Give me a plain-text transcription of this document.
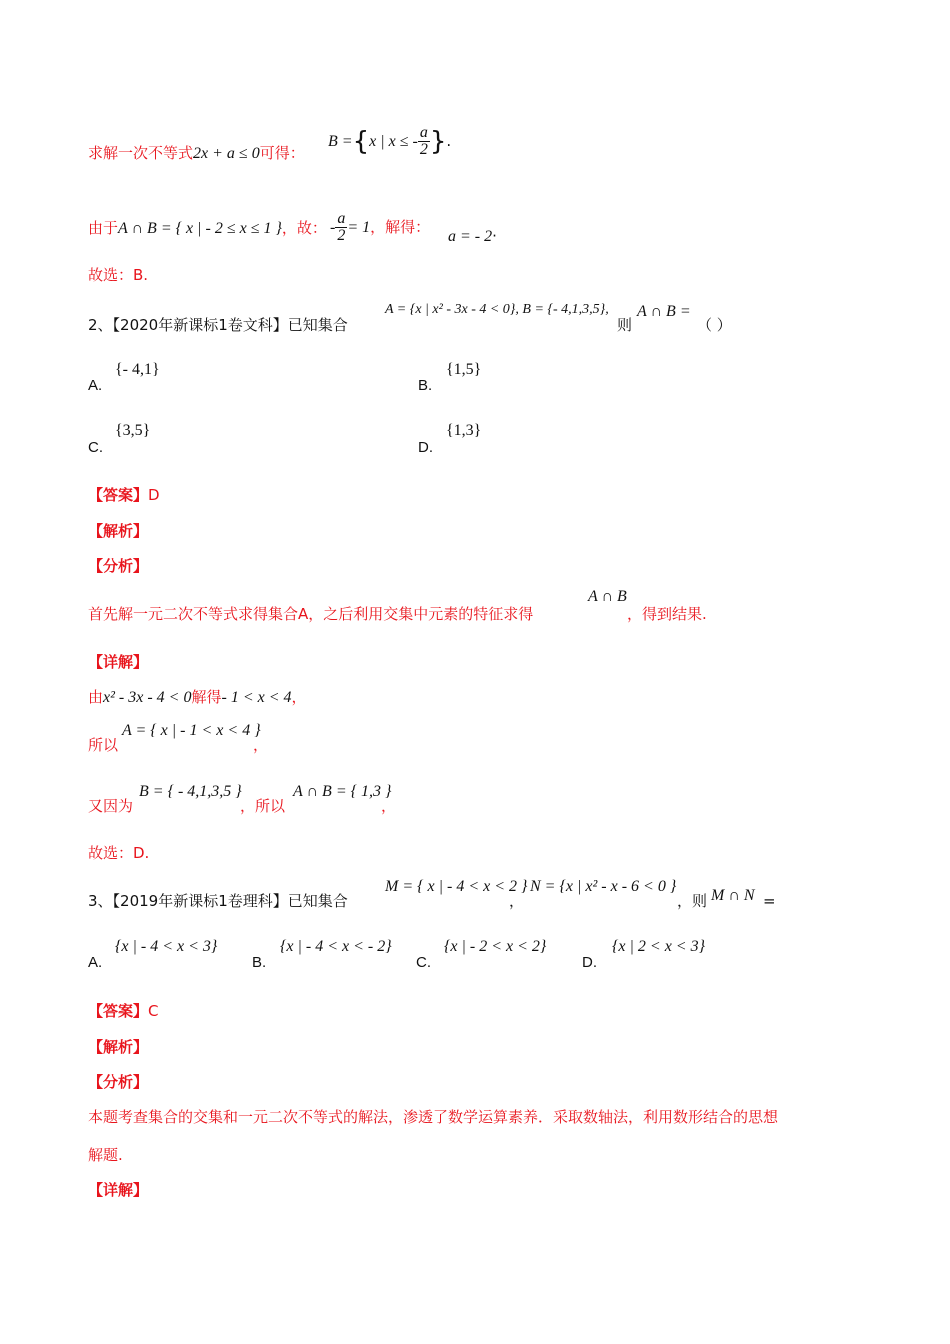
求解一次不等式2x + a ≤ 0可得：
B ={x | x ≤ - $\frac{a}{2}$ }.
由于A ∩ B = { x | - 2 ≤ x ≤ 1 }，故： - $\frac{a}{2} = 1$，解得：
a = - 2·
故选：B.
2、【2020年新课标1卷文科】已知集合
A = {x | x² - 3x - 4 < 0}, B = {- 4,1,3,5},
则
A ∩ B =
（ ）
A.
{- 4,1}
B.
{1,5}
C.
{3,5}
D.
{1,3}
【答案】D
【解析】
【分析】
首先解一元二次不等式求得集合A，之后利用交集中元素的特征求得
A ∩ B
，得到结果.
【详解】
由x² - 3x - 4 < 0解得- 1 < x < 4，
所以
A = { x | - 1 < x < 4 }
，
又因为
B = { - 4,1,3,5 }
，所以
A ∩ B = { 1,3 }
，
故选：D.
3、【2019年新课标1卷理科】已知集合
M = { x | - 4 < x < 2 }
，
N = {x | x² - x - 6 < 0 }
，则 M ∩ N =
A.
{x | - 4 < x < 3}
B.
{x | - 4 < x < - 2}
C.
{x | - 2 < x < 2}
D.
{x | 2 < x < 3}
【答案】C
【解析】
【分析】
本题考查集合的交集和一元二次不等式的解法，渗透了数学运算素养．采取数轴法，利用数形结合的思想
解题.
【详解】
